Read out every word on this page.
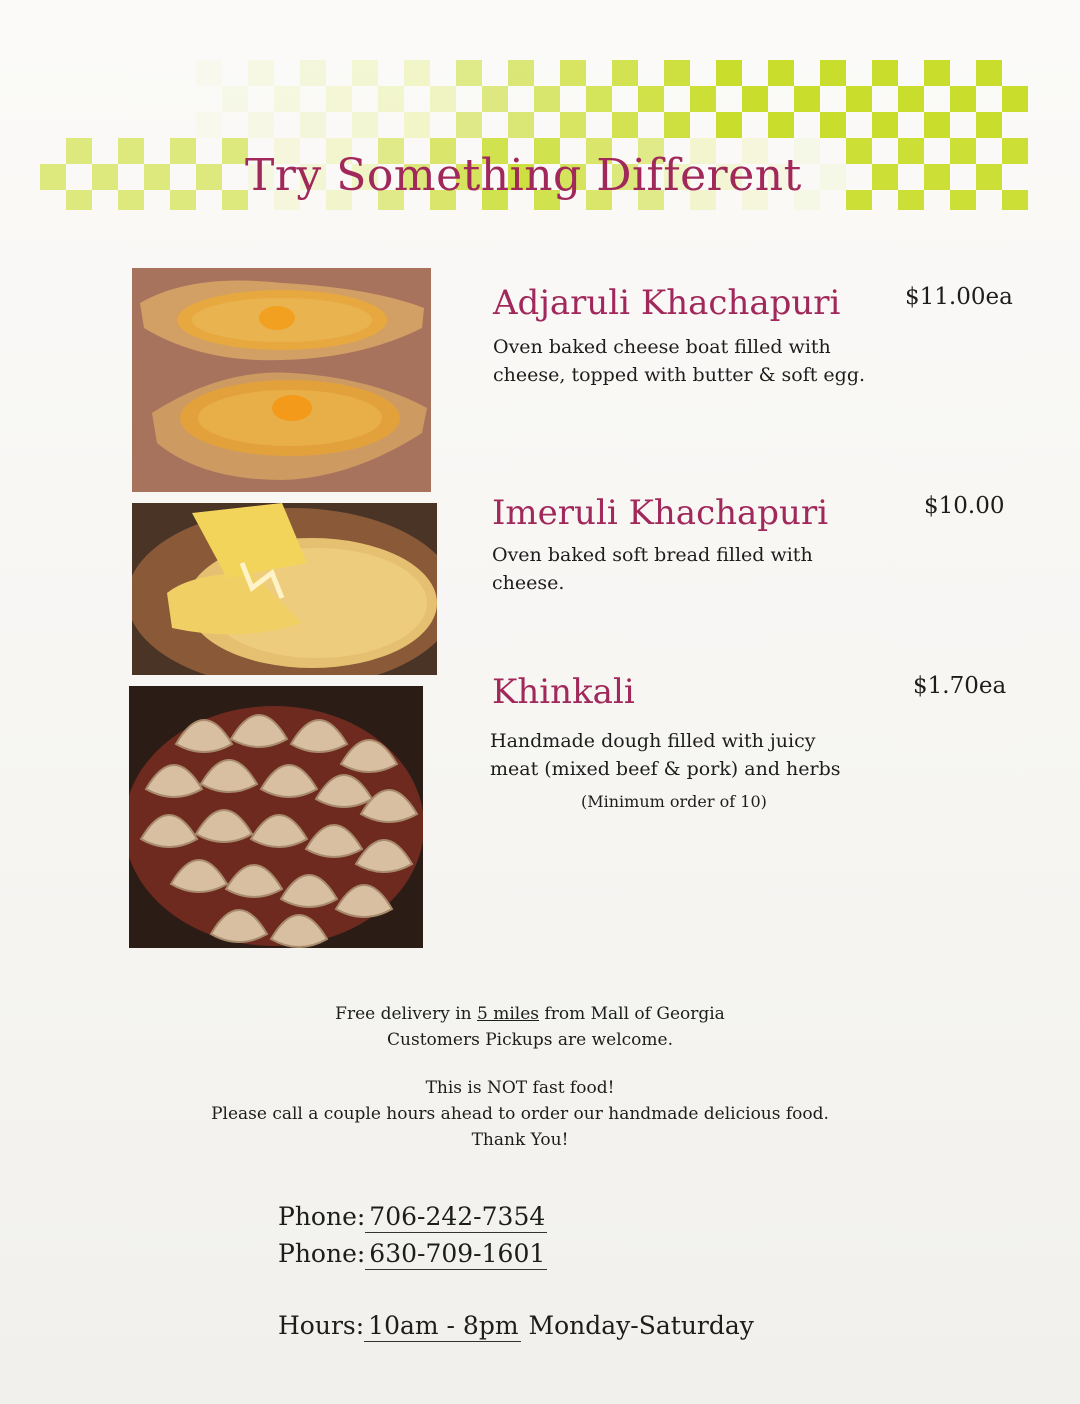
Try Something Different
Adjaruli Khachapuri	$11.00ea
Oven baked cheese boat filled with cheese, topped with butter & soft egg.
Imeruli Khachapuri	$10.00
Oven baked soft bread filled with cheese.
Khinkali	$1.70ea
Handmade dough filled with juicy meat (mixed beef & pork) and herbs
(Minimum order of 10)
Free delivery in 5 miles from Mall of Georgia
Customers Pickups are welcome.
This is NOT fast food!
Please call a couple hours ahead to order our handmade delicious food.
Thank You!
Phone: 706-242-7354
Phone: 630-709-1601
Hours: 10am - 8pm Monday-Saturday
